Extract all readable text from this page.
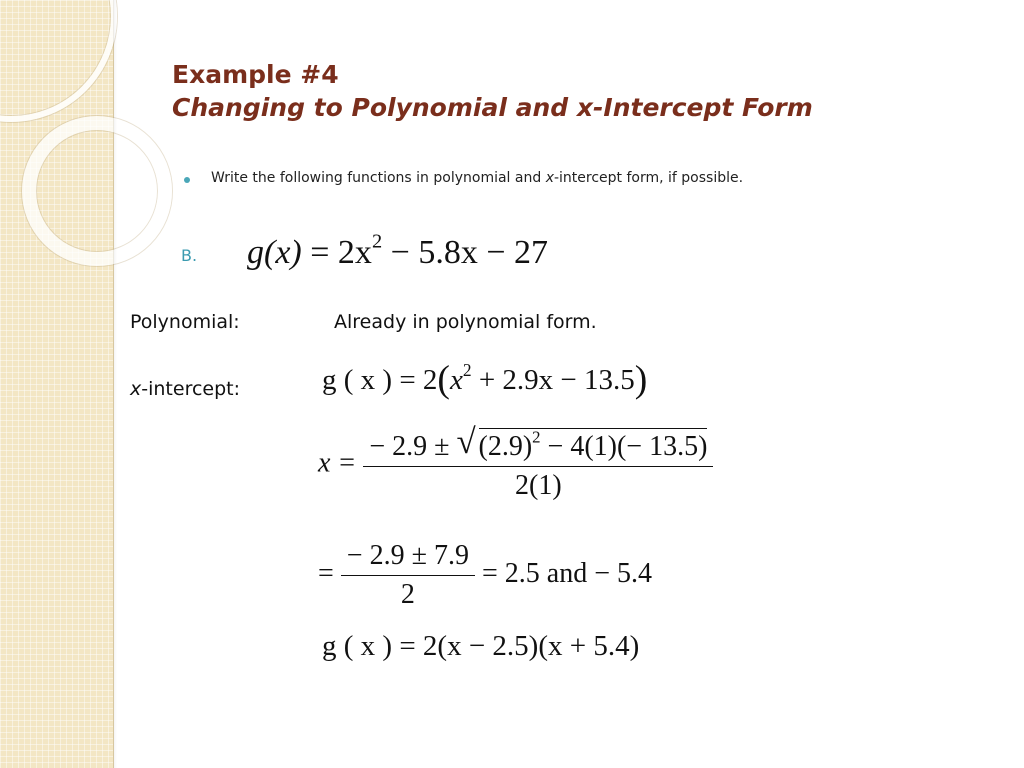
Example #4
Changing to Polynomial and x-Intercept Form
Write the following functions in polynomial and x-intercept form, if possible.
B. $g(x) = 2x^2 - 5.8x - 27$
Polynomial:	Already in polynomial form.
x-intercept:	g ( x ) = $2(x^2 + 2.9x - 13.5)$
$x = \frac{- 2.9 \pm √ (2.9)^2 - 4(1)(- 13.5)}{2(1)}$
= $\frac{- 2.9 \pm 7.9}{2} = 2.5$ and − 5.4
g ( x ) = 2(x − 2.5)(x + 5.4)
